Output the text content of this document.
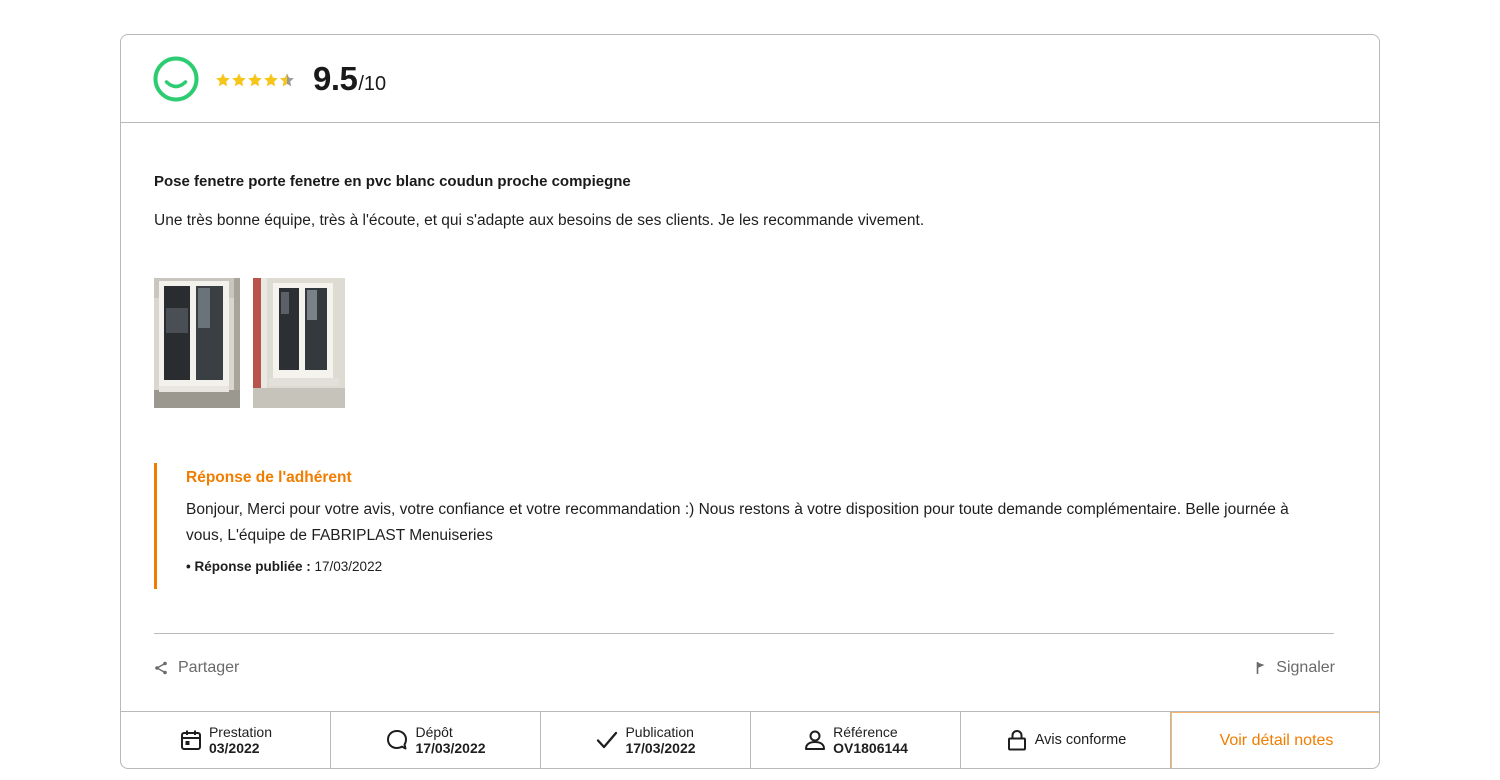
9.5 /10
Pose fenetre porte fenetre en pvc blanc coudun proche compiegne
Une très bonne équipe, très à l'écoute, et qui s'adapte aux besoins de ses clients. Je les recommande vivement.
Réponse de l'adhérent
Bonjour, Merci pour votre avis, votre confiance et votre recommandation :) Nous restons à votre disposition pour toute demande complémentaire. Belle journée à vous, L'équipe de FABRIPLAST Menuiseries
• Réponse publiée : 17/03/2022
Partager	Signaler
Prestation
03/2022
Dépôt
17/03/2022
Publication
17/03/2022
Référence
OV1806144	Avis conforme	Voir détail notes
